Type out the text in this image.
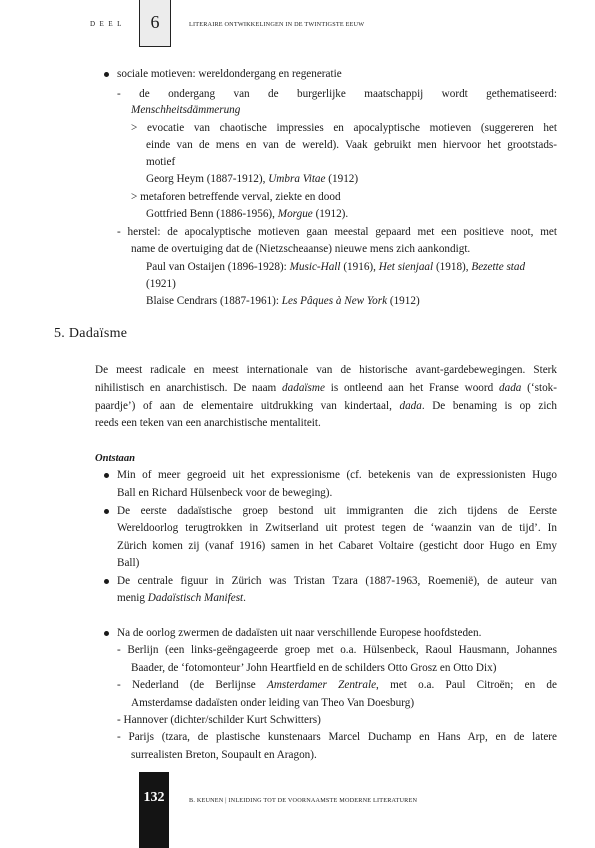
DEEL	6	LITERAIRE ONTWIKKELINGEN IN DE TWINTIGSTE EEUW
sociale motieven: wereldondergang en regeneratie
- de ondergang van de burgerlijke maatschappij wordt gethematiseerd:
Menschheitsdämmerung
> evocatie van chaotische impressies en apocalyptische motieven (suggereren het
einde van de mens en van de wereld). Vaak gebruikt men hiervoor het grootstads-
motief
Georg Heym (1887-1912), Umbra Vitae (1912)
> metaforen betreffende verval, ziekte en dood
Gottfried Benn (1886-1956), Morgue (1912).
- herstel: de apocalyptische motieven gaan meestal gepaard met een positieve noot, met
name de overtuiging dat de (Nietzscheaanse) nieuwe mens zich aankondigt.
Paul van Ostaijen (1896-1928): Music-Hall (1916), Het sienjaal (1918), Bezette stad
(1921)
Blaise Cendrars (1887-1961): Les Pâques à New York (1912)
5. Dadaïsme
De meest radicale en meest internationale van de historische avant-gardebewegingen. Sterk
nihilistisch en anarchistisch. De naam dadaïsme is ontleend aan het Franse woord dada (‘stok-
paardje’) of aan de elementaire uitdrukking van kindertaal, dada. De benaming is op zich
reeds een teken van een anarchistische mentaliteit.
Ontstaan
Min of meer gegroeid uit het expressionisme (cf. betekenis van de expressionisten Hugo
Ball en Richard Hülsenbeck voor de beweging).
De eerste dadaïstische groep bestond uit immigranten die zich tijdens de Eerste
Wereldoorlog terugtrokken in Zwitserland uit protest tegen de ‘waanzin van de tijd’. In
Zürich komen zij (vanaf 1916) samen in het Cabaret Voltaire (gesticht door Hugo en Emy
Ball)
De centrale figuur in Zürich was Tristan Tzara (1887-1963, Roemenië), de auteur van
menig Dadaïstisch Manifest.
Na de oorlog zwermen de dadaïsten uit naar verschillende Europese hoofdsteden.
- Berlijn (een links-geëngageerde groep met o.a. Hülsenbeck, Raoul Hausmann, Johannes
Baader, de ‘fotomonteur’ John Heartfield en de schilders Otto Grosz en Otto Dix)
- Nederland (de Berlijnse Amsterdamer Zentrale, met o.a. Paul Citroën; en de
Amsterdamse dadaïsten onder leiding van Theo Van Doesburg)
- Hannover (dichter/schilder Kurt Schwitters)
- Parijs (tzara, de plastische kunstenaars Marcel Duchamp en Hans Arp, en de latere
surrealisten Breton, Soupault en Aragon).
132	B. KEUNEN | INLEIDING TOT DE VOORNAAMSTE MODERNE LITERATUREN
